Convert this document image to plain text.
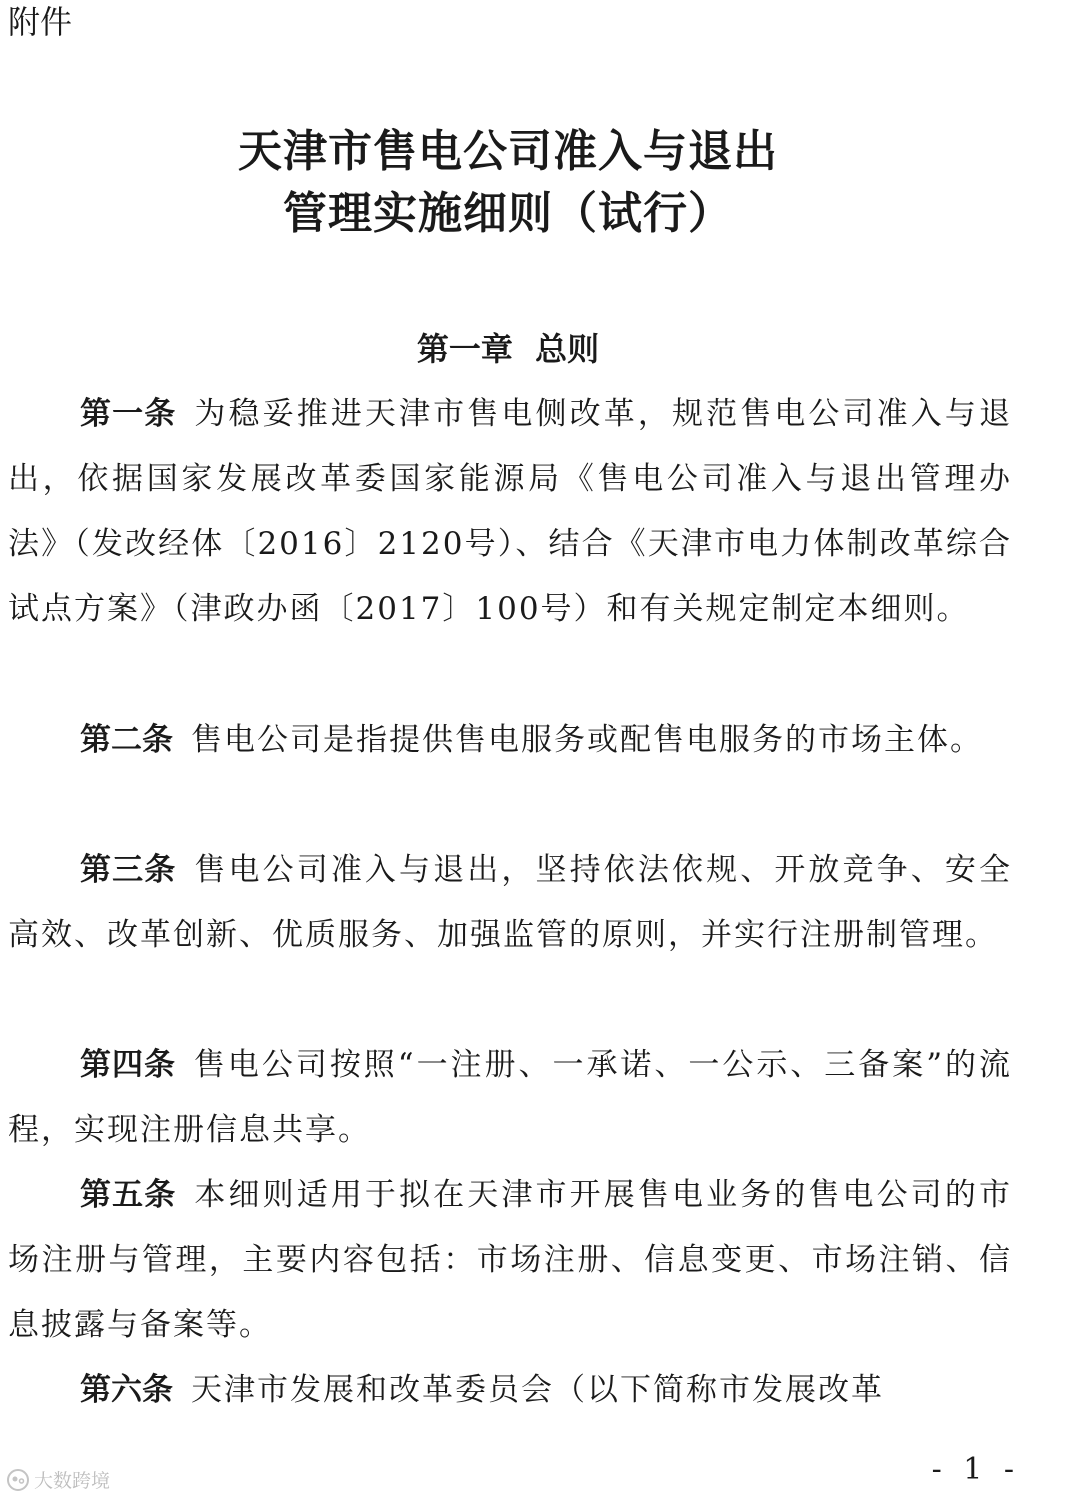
附件
天津市售电公司准入与退出
管理实施细则（试行）
第一章  总则

第一条 为稳妥推进天津市售电侧改革，规范售电公司准入与退出，依据国家发展改革委国家能源局《售电公司准入与退出管理办法》（发改经体〔2016〕2120号）、结合《天津市电力体制改革综合试点方案》（津政办函〔2017〕100号）和有关规定制定本细则。

第二条 售电公司是指提供售电服务或配售电服务的市场主体。

第三条 售电公司准入与退出，坚持依法依规、开放竞争、安全高效、改革创新、优质服务、加强监管的原则，并实行注册制管理。

第四条 售电公司按照“一注册、一承诺、一公示、三备案”的流程，实现注册信息共享。

第五条 本细则适用于拟在天津市开展售电业务的售电公司的市场注册与管理，主要内容包括：市场注册、信息变更、市场注销、信息披露与备案等。

第六条 天津市发展和改革委员会（以下简称市发展改革

大数跨境	- 1 -
